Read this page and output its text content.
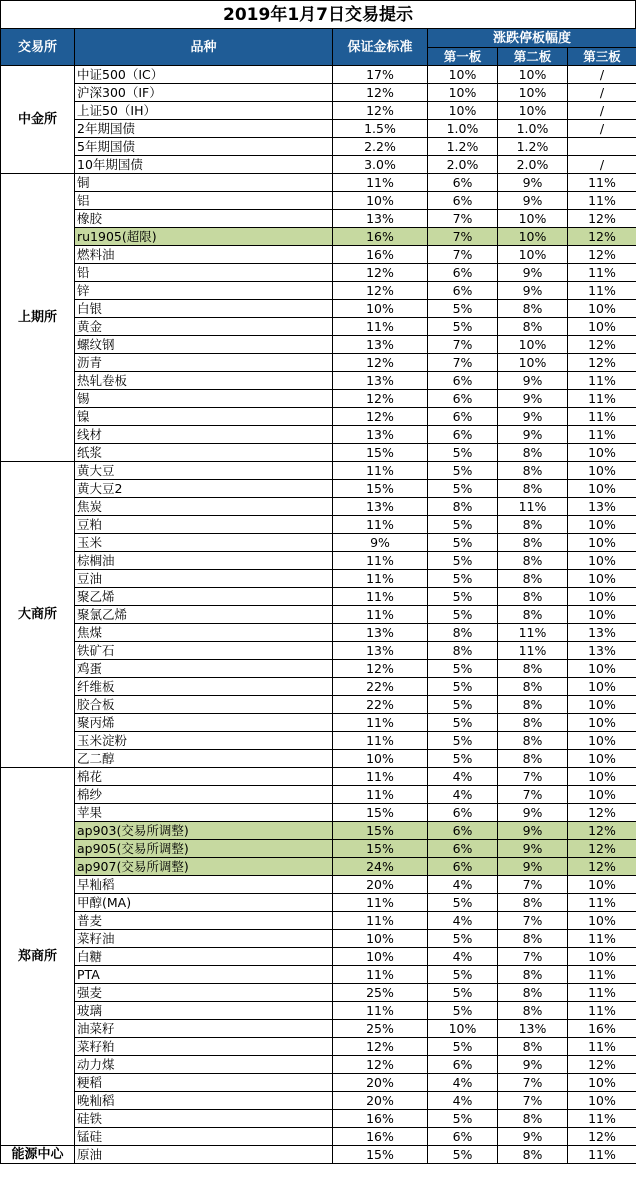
2019年1月7日交易提示
交易所	品种	保证金标准	涨跌停板幅度		
			第一板	第二板	第三板
中金所	中证500（IC）	17%	10%	10%	/
	沪深300（IF）	12%	10%	10%	/
	上证50（IH）	12%	10%	10%	/
	2年期国债	1.5%	1.0%	1.0%	/
	5年期国债	2.2%	1.2%	1.2%	
	10年期国债	3.0%	2.0%	2.0%	/
上期所	铜	11%	6%	9%	11%
	铝	10%	6%	9%	11%
	橡胶	13%	7%	10%	12%
	ru1905(超限)	16%	7%	10%	12%
	燃料油	16%	7%	10%	12%
	铅	12%	6%	9%	11%
	锌	12%	6%	9%	11%
	白银	10%	5%	8%	10%
	黄金	11%	5%	8%	10%
	螺纹钢	13%	7%	10%	12%
	沥青	12%	7%	10%	12%
	热轧卷板	13%	6%	9%	11%
	锡	12%	6%	9%	11%
	镍	12%	6%	9%	11%
	线材	13%	6%	9%	11%
	纸浆	15%	5%	8%	10%
大商所	黄大豆	11%	5%	8%	10%
	黄大豆2	15%	5%	8%	10%
	焦炭	13%	8%	11%	13%
	豆粕	11%	5%	8%	10%
	玉米	9%	5%	8%	10%
	棕榈油	11%	5%	8%	10%
	豆油	11%	5%	8%	10%
	聚乙烯	11%	5%	8%	10%
	聚氯乙烯	11%	5%	8%	10%
	焦煤	13%	8%	11%	13%
	铁矿石	13%	8%	11%	13%
	鸡蛋	12%	5%	8%	10%
	纤维板	22%	5%	8%	10%
	胶合板	22%	5%	8%	10%
	聚丙烯	11%	5%	8%	10%
	玉米淀粉	11%	5%	8%	10%
	乙二醇	10%	5%	8%	10%
郑商所	棉花	11%	4%	7%	10%
	棉纱	11%	4%	7%	10%
	苹果	15%	6%	9%	12%
	ap903(交易所调整)	15%	6%	9%	12%
	ap905(交易所调整)	15%	6%	9%	12%
	ap907(交易所调整)	24%	6%	9%	12%
	早籼稻	20%	4%	7%	10%
	甲醇(MA)	11%	5%	8%	11%
	普麦	11%	4%	7%	10%
	菜籽油	10%	5%	8%	11%
	白糖	10%	4%	7%	10%
	PTA	11%	5%	8%	11%
	强麦	25%	5%	8%	11%
	玻璃	11%	5%	8%	11%
	油菜籽	25%	10%	13%	16%
	菜籽粕	12%	5%	8%	11%
	动力煤	12%	6%	9%	12%
	粳稻	20%	4%	7%	10%
	晚籼稻	20%	4%	7%	10%
	硅铁	16%	5%	8%	11%
	锰硅	16%	6%	9%	12%
能源中心	原油	15%	5%	8%	11%
